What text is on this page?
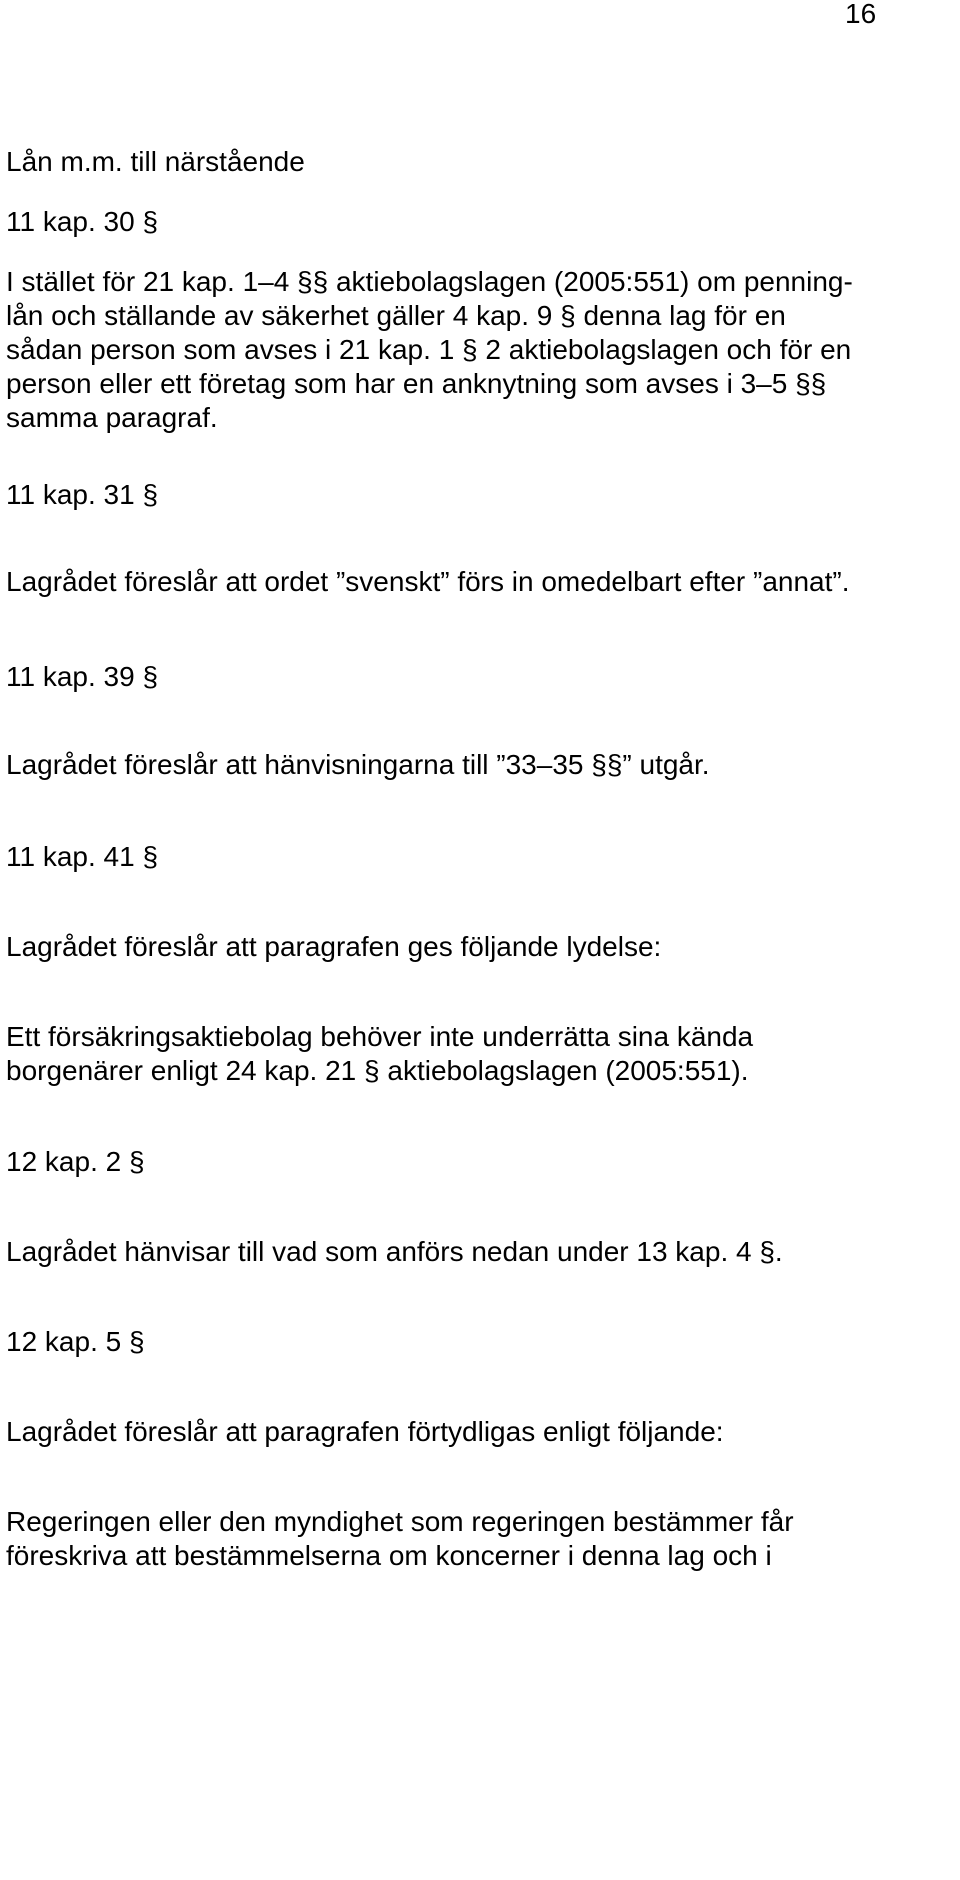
16

Lån m.m. till närstående

11 kap. 30 §

I stället för 21 kap. 1–4 §§ aktiebolagslagen (2005:551) om penning-
lån och ställande av säkerhet gäller 4 kap. 9 § denna lag för en
sådan person som avses i 21 kap. 1 § 2 aktiebolagslagen och för en
person eller ett företag som har en anknytning som avses i 3–5 §§
samma paragraf.

11 kap. 31 §

Lagrådet föreslår att ordet ”svenskt” förs in omedelbart efter ”annat”.

11 kap. 39 §

Lagrådet föreslår att hänvisningarna till ”33–35 §§” utgår.

11 kap. 41 §

Lagrådet föreslår att paragrafen ges följande lydelse:

Ett försäkringsaktiebolag behöver inte underrätta sina kända
borgenärer enligt 24 kap. 21 § aktiebolagslagen (2005:551).

12 kap. 2 §

Lagrådet hänvisar till vad som anförs nedan under 13 kap. 4 §.

12 kap. 5 §

Lagrådet föreslår att paragrafen förtydligas enligt följande:

Regeringen eller den myndighet som regeringen bestämmer får
föreskriva att bestämmelserna om koncerner i denna lag och i
